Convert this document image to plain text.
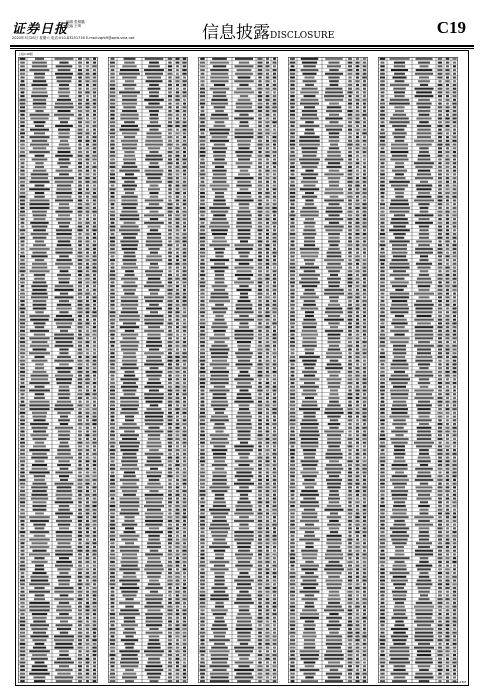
证券日报
编辑 张婧璐
美编 王琦
2020年3月28日 星期六 电话:010-83251716 E-mail:zqrb9@zqrb.sina.net	信息披露DISCLOSURE	C19
上接C18版
CISS-Z3M
